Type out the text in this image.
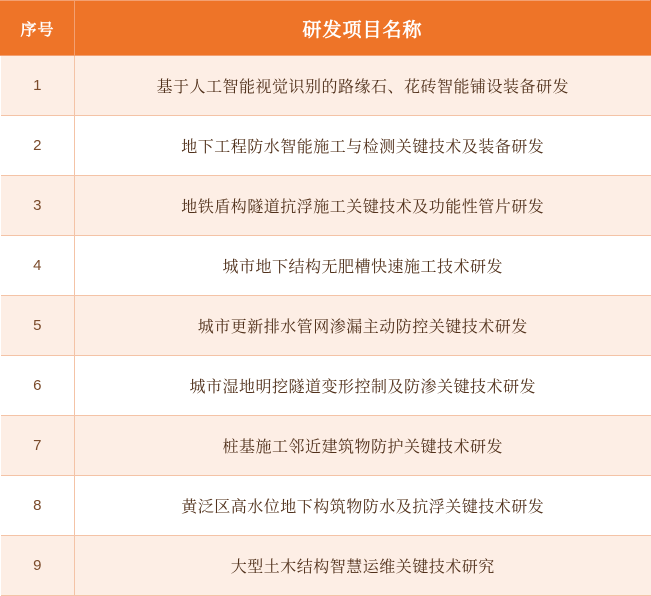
序号	研发项目名称
1	基于人工智能视觉识别的路缘石、花砖智能铺设装备研发
2	地下工程防水智能施工与检测关键技术及装备研发
3	地铁盾构隧道抗浮施工关键技术及功能性管片研发
4	城市地下结构无肥槽快速施工技术研发
5	城市更新排水管网渗漏主动防控关键技术研发
6	城市湿地明挖隧道变形控制及防渗关键技术研发
7	桩基施工邻近建筑物防护关键技术研发
8	黄泛区高水位地下构筑物防水及抗浮关键技术研发
9	大型土木结构智慧运维关键技术研究
